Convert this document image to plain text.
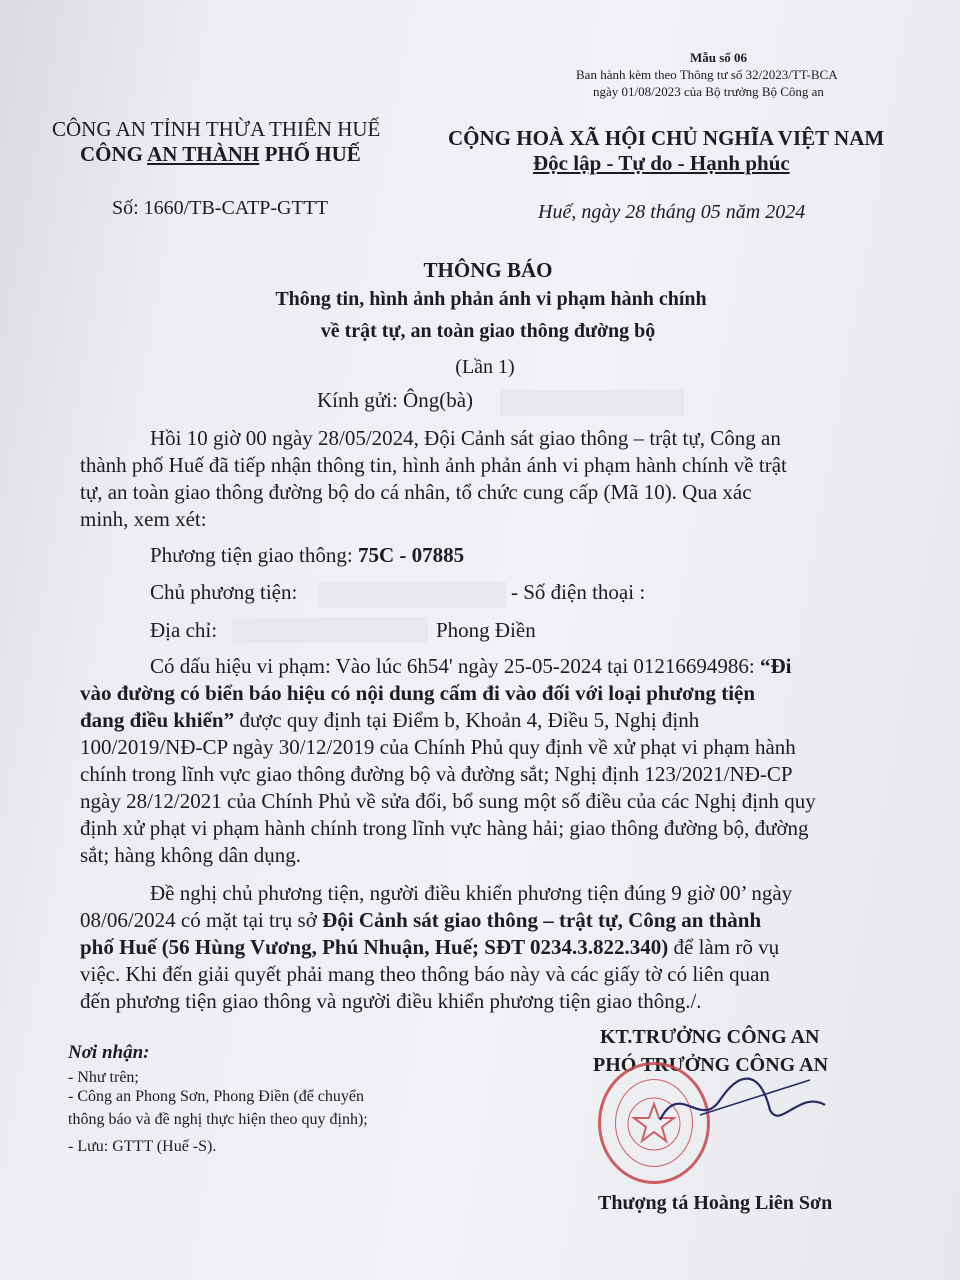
Mẫu số 06
Ban hành kèm theo Thông tư số 32/2023/TT-BCA
ngày 01/08/2023 của Bộ trưởng Bộ Công an
CÔNG AN TỈNH THỪA THIÊN HUẾ
CÔNG AN THÀNH PHỐ HUẾ
Số: 1660/TB-CATP-GTTT
CỘNG HOÀ XÃ HỘI CHỦ NGHĨA VIỆT NAM
Độc lập - Tự do - Hạnh phúc
Huế, ngày 28 tháng 05 năm 2024
THÔNG BÁO
Thông tin, hình ảnh phản ánh vi phạm hành chính
về trật tự, an toàn giao thông đường bộ
(Lần 1)
Kính gửi: Ông(bà)

Hồi 10 giờ 00 ngày 28/05/2024, Đội Cảnh sát giao thông – trật tự, Công an

thành phố Huế đã tiếp nhận thông tin, hình ảnh phản ánh vi phạm hành chính về trật

tự, an toàn giao thông đường bộ do cá nhân, tổ chức cung cấp (Mã 10). Qua xác

minh, xem xét:

Phương tiện giao thông: 75C - 07885
Chủ phương tiện:	- Số điện thoại :
Địa chỉ:	Phong Điền

Có dấu hiệu vi phạm: Vào lúc 6h54' ngày 25-05-2024 tại 01216694986: “Đi

vào đường có biển báo hiệu có nội dung cấm đi vào đối với loại phương tiện

đang điều khiển” được quy định tại Điểm b, Khoản 4, Điều 5, Nghị định

100/2019/NĐ-CP ngày 30/12/2019 của Chính Phủ quy định về xử phạt vi phạm hành

chính trong lĩnh vực giao thông đường bộ và đường sắt; Nghị định 123/2021/NĐ-CP

ngày 28/12/2021 của Chính Phủ về sửa đổi, bổ sung một số điều của các Nghị định quy

định xử phạt vi phạm hành chính trong lĩnh vực hàng hải; giao thông đường bộ, đường

sắt; hàng không dân dụng.

Đề nghị chủ phương tiện, người điều khiển phương tiện đúng 9 giờ 00’ ngày

08/06/2024 có mặt tại trụ sở Đội Cảnh sát giao thông – trật tự, Công an thành

phố Huế (56 Hùng Vương, Phú Nhuận, Huế; SĐT 0234.3.822.340) để làm rõ vụ

việc. Khi đến giải quyết phải mang theo thông báo này và các giấy tờ có liên quan

đến phương tiện giao thông và người điều khiển phương tiện giao thông./.

Nơi nhận:
- Như trên;
- Công an Phong Sơn, Phong Điền (để chuyển
thông báo và đề nghị thực hiện theo quy định);
- Lưu: GTTT (Huế -S).
KT.TRƯỞNG CÔNG AN
PHÓ TRƯỞNG CÔNG AN
Thượng tá Hoàng Liên Sơn
